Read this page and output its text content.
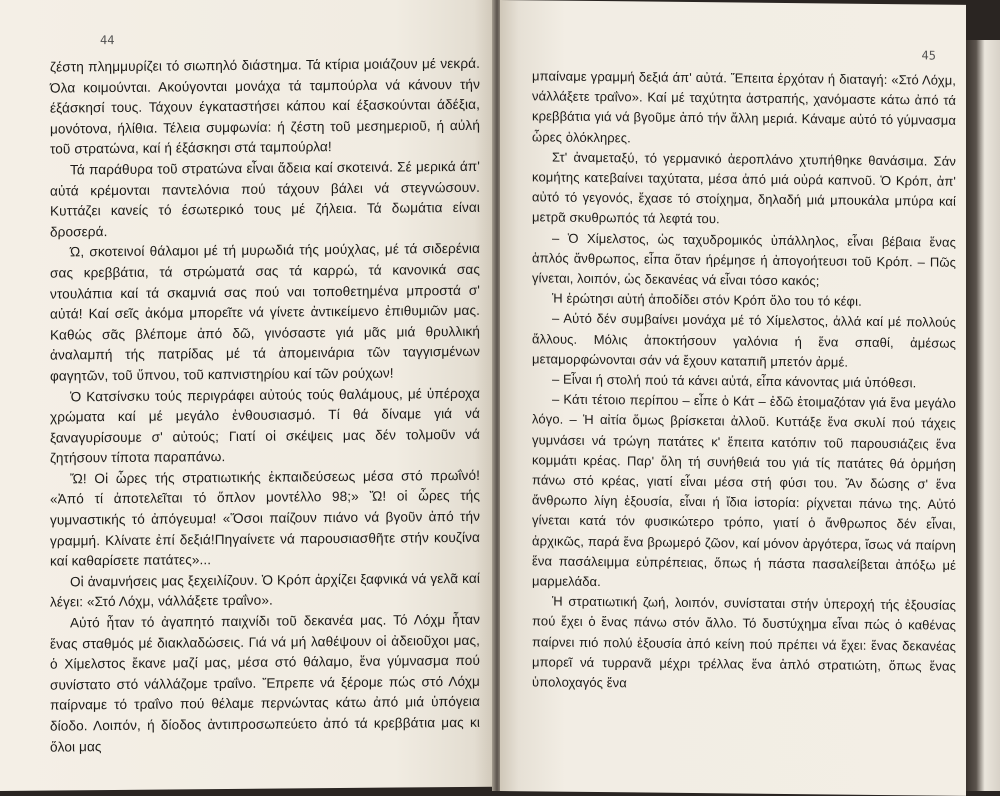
44

ζέστη πλημμυρίζει τό σιωπηλό διάστημα. Τά κτίρια μοιάζουν μέ νεκρά. Όλα κοιμούνται. Ακούγονται μονάχα τά ταμπούρλα νά κάνουν τήν έξάσκησί τους. Τάχουν έγκαταστήσει κάπου καί έξασκούνται άδέξια, μονότονα, ήλίθια. Τέλεια συμφωνία: ή ζέστη τοῦ μεσημεριοῦ, ή αὐλή τοῦ στρατώνα, καί ή έξάσκησι στά ταμπούρλα!

Τά παράθυρα τοῦ στρατώνα εἶναι ἄδεια καί σκοτεινά. Σέ μερικά άπ' αὐτά κρέμονται παντελόνια πού τάχουν βάλει νά στεγνώσουν. Κυττάζει κανείς τό έσωτερικό τους μέ ζήλεια. Τά δωμάτια είναι δροσερά.

Ώ, σκοτεινοί θάλαμοι μέ τή μυρωδιά τής μούχλας, μέ τά σιδερένια σας κρεββάτια, τά στρώματά σας τά καρρώ, τά κανονικά σας ντουλάπια καί τά σκαμνιά σας πού ναι τοποθετημένα μπροστά σ' αὐτά! Καί σεῖς ἀκόμα μπορεῖτε νά γίνετε ἀντικείμενο ἐπιθυμιῶν μας. Καθώς σᾶς βλέπομε ἀπό δῶ, γινόσαστε γιά μᾶς μιά θρυλλική ἀναλαμπή τής πατρίδας μέ τά ἀπομεινάρια τῶν ταγγισμένων φαγητῶν, τοῦ ὕπνου, τοῦ καπνιστηρίου καί τῶν ρούχων!

Ὁ Κατσίνσκυ τούς περιγράφει αὐτούς τούς θαλάμους, μέ ὑπέροχα χρώματα καί μέ μεγάλο ἐνθουσιασμό. Τί θά δίναμε γιά νά ξαναγυρίσουμε σ' αὐτούς; Γιατί οἱ σκέψεις μας δέν τολμοῦν νά ζητήσουν τίποτα παραπάνω.

Ὤ! Οἱ ὧρες τής στρατιωτικής ἐκπαιδεύσεως μέσα στό πρωΐνό! «Ἀπό τί ἀποτελεῖται τό ὅπλον μοντέλλο 98;» Ὤ! οἱ ὧρες τής γυμναστικής τό ἀπόγευμα! «Ὅσοι παίζουν πιάνο νά βγοῦν ἀπό τήν γραμμή. Κλίνατε ἐπί δεξιά!Πηγαίνετε νά παρουσιασθῆτε στήν κουζίνα καί καθαρίσετε πατάτες»...

Οἱ ἀναμνήσεις μας ξεχειλίζουν. Ὁ Κρόπ ἀρχίζει ξαφνικά νά γελᾶ καί λέγει: «Στό Λόχμ, νάλλάξετε τραΐνο».

Αὐτό ἦταν τό ἀγαπητό παιχνίδι τοῦ δεκανέα μας. Τό Λόχμ ἦταν ἕνας σταθμός μέ διακλαδώσεις. Γιά νά μή λαθέψουν οἱ ἀδειοῦχοι μας, ὁ Χίμελστος ἔκανε μαζί μας, μέσα στό θάλαμο, ἕνα γύμνασμα πού συνίστατο στό νάλλάζομε τραΐνο. Ἔπρεπε νά ξέρομε πώς στό Λόχμ παίρναμε τό τραΐνο πού θέλαμε περνώντας κάτω ἀπό μιά ὑπόγεια δίοδο. Λοιπόν, ή δίοδος ἀντιπροσωπεύετο ἀπό τά κρεββάτια μας κι ὅλοι μας

45

μπαίναμε γραμμή δεξιά άπ' αὐτά. Ἔπειτα ἐρχόταν ή διαταγή: «Στό Λόχμ, νάλλάξετε τραΐνο». Καί μέ ταχύτητα ἀστραπής, χανόμαστε κάτω ἀπό τά κρεββάτια γιά νά βγοῦμε ἀπό τήν ἄλλη μεριά. Κάναμε αὐτό τό γύμνασμα ὧρες ὁλόκληρες.

Στ' ἀναμεταξύ, τό γερμανικό ἀεροπλάνο χτυπήθηκε θανάσιμα. Σάν κομήτης κατεβαίνει ταχύτατα, μέσα ἀπό μιά οὐρά καπνοῦ. Ὁ Κρόπ, ἀπ' αὐτό τό γεγονός, ἔχασε τό στοίχημα, δηλαδή μιά μπουκάλα μπύρα καί μετρᾶ σκυθρωπός τά λεφτά του.

– Ὁ Χίμελστος, ὡς ταχυδρομικός ὑπάλληλος, εἶναι βέβαια ἕνας ἁπλός ἄνθρωπος, εἶπα ὅταν ήρέμησε ή ἀπογοήτευσι τοῦ Κρόπ. – Πῶς γίνεται, λοιπόν, ὡς δεκανέας νά εἶναι τόσο κακός;

Ἡ ἐρώτησι αὐτή ἀποδίδει στόν Κρόπ ὅλο του τό κέφι.

– Αὐτό δέν συμβαίνει μονάχα μέ τό Χίμελστος, ἀλλά καί μέ πολλούς ἄλλους. Μόλις ἀποκτήσουν γαλόνια ή ἕνα σπαθί, ἀμέσως μεταμορφώνονται σάν νά ἔχουν καταπιῆ μπετόν ἀρμέ.

– Εἶναι ή στολή πού τά κάνει αὐτά, εἶπα κάνοντας μιά ὑπόθεσι.

– Κάτι τέτοιο περίπου – εἶπε ὁ Κάτ – ἐδῶ ἑτοιμαζόταν γιά ἕνα μεγάλο λόγο. – Ἡ αἰτία ὅμως βρίσκεται ἀλλοῦ. Κυττάξε ἕνα σκυλί πού τάχεις γυμνάσει νά τρώγη πατάτες κ' ἔπειτα κατόπιν τοῦ παρουσιάζεις ἕνα κομμάτι κρέας. Παρ' ὅλη τή συνήθειά του γιά τίς πατάτες θά ὁρμήση πάνω στό κρέας, γιατί εἶναι μέσα στή φύσι του. Ἄν δώσης σ' ἕνα ἄνθρωπο λίγη ἐξουσία, εἶναι ή ἴδια ἱστορία: ρίχνεται πάνω της. Αὐτό γίνεται κατά τόν φυσικώτερο τρόπο, γιατί ὁ ἄνθρωπος δέν εἶναι, ἀρχικῶς, παρά ἕνα βρωμερό ζῶον, καί μόνον ἀργότερα, ἴσως νά παίρνη ἕνα πασάλειμμα εὐπρέπειας, ὅπως ή πάστα πασαλείβεται ἀπόξω μέ μαρμελάδα.

Ἡ στρατιωτική ζωή, λοιπόν, συνίσταται στήν ὑπεροχή τής ἐξουσίας πού ἔχει ὁ ἕνας πάνω στόν ἄλλο. Τό δυστύχημα εἶναι πώς ὁ καθένας παίρνει πιό πολύ ἐξουσία ἀπό κείνη πού πρέπει νά ἔχει: ἕνας δεκανέας μπορεῖ νά τυρρανᾶ μέχρι τρέλλας ἕνα ἁπλό στρατιώτη, ὅπως ἕνας ὑπολοχαγός ἕνα
